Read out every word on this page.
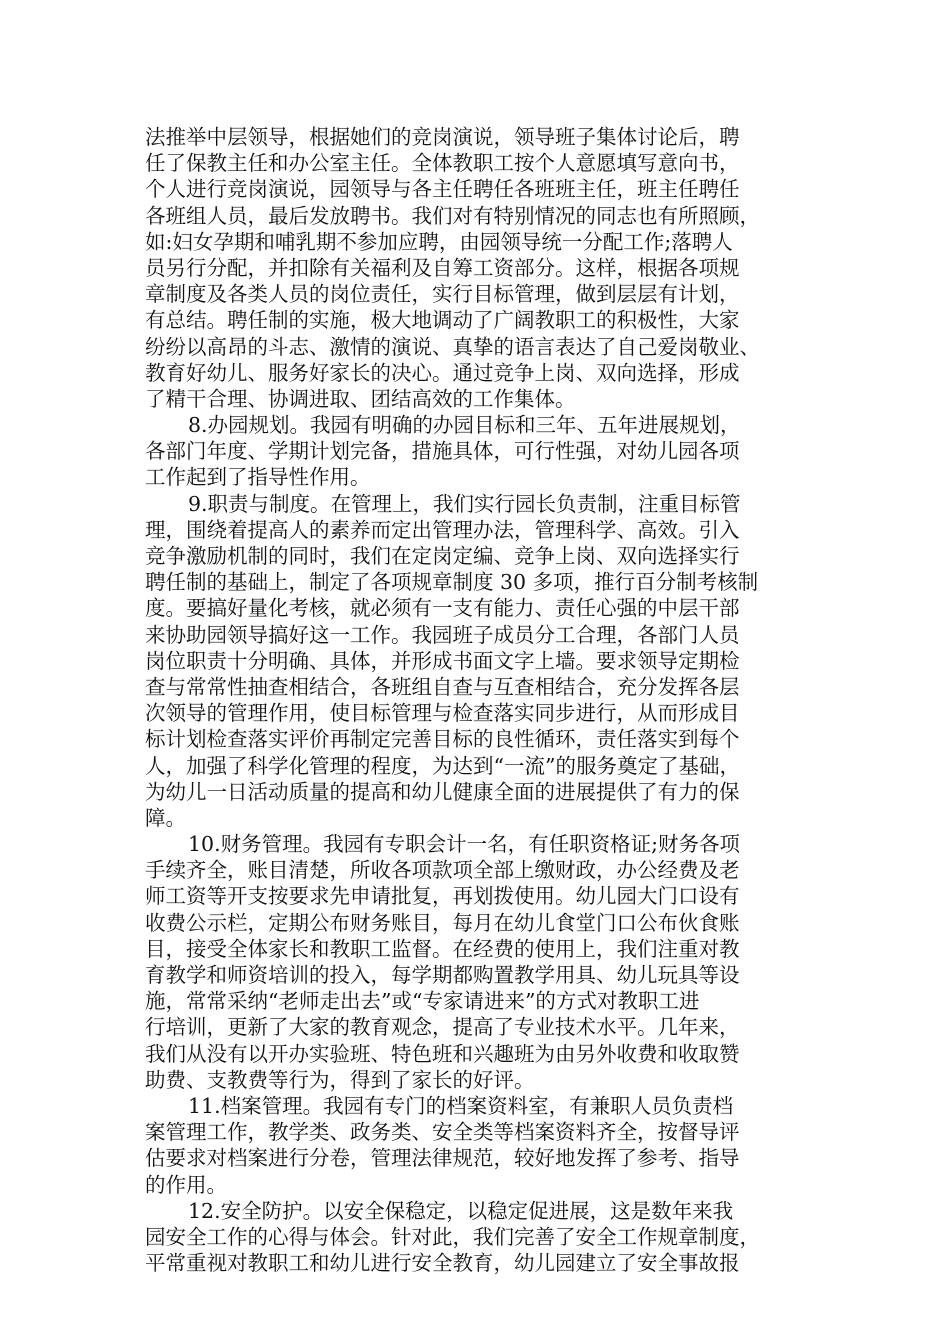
法推举中层领导，根据她们的竞岗演说，领导班子集体讨论后，聘
任了保教主任和办公室主任。全体教职工按个人意愿填写意向书，
个人进行竞岗演说，园领导与各主任聘任各班班主任，班主任聘任
各班组人员，最后发放聘书。我们对有特别情况的同志也有所照顾，
如:妇女孕期和哺乳期不参加应聘，由园领导统一分配工作;落聘人
员另行分配，并扣除有关福利及自筹工资部分。这样，根据各项规
章制度及各类人员的岗位责任，实行目标管理，做到层层有计划，
有总结。聘任制的实施，极大地调动了广阔教职工的积极性，大家
纷纷以高昂的斗志、激情的演说、真挚的语言表达了自己爱岗敬业、
教育好幼儿、服务好家长的决心。通过竞争上岗、双向选择，形成
了精干合理、协调进取、团结高效的工作集体。
8.办园规划。我园有明确的办园目标和三年、五年进展规划，
各部门年度、学期计划完备，措施具体，可行性强，对幼儿园各项
工作起到了指导性作用。
9.职责与制度。在管理上，我们实行园长负责制，注重目标管
理，围绕着提高人的素养而定出管理办法，管理科学、高效。引入
竞争激励机制的同时，我们在定岗定编、竞争上岗、双向选择实行
聘任制的基础上，制定了各项规章制度 30 多项，推行百分制考核制
度。要搞好量化考核，就必须有一支有能力、责任心强的中层干部
来协助园领导搞好这一工作。我园班子成员分工合理，各部门人员
岗位职责十分明确、具体，并形成书面文字上墙。要求领导定期检
查与常常性抽查相结合，各班组自查与互查相结合，充分发挥各层
次领导的管理作用，使目标管理与检查落实同步进行，从而形成目
标计划检查落实评价再制定完善目标的良性循环，责任落实到每个
人，加强了科学化管理的程度，为达到“一流”的服务奠定了基础，
为幼儿一日活动质量的提高和幼儿健康全面的进展提供了有力的保
障。
10.财务管理。我园有专职会计一名，有任职资格证;财务各项
手续齐全，账目清楚，所收各项款项全部上缴财政，办公经费及老
师工资等开支按要求先申请批复，再划拨使用。幼儿园大门口设有
收费公示栏，定期公布财务账目，每月在幼儿食堂门口公布伙食账
目，接受全体家长和教职工监督。在经费的使用上，我们注重对教
育教学和师资培训的投入，每学期都购置教学用具、幼儿玩具等设
施，常常采纳“老师走出去”或“专家请进来”的方式对教职工进
行培训，更新了大家的教育观念，提高了专业技术水平。几年来，
我们从没有以开办实验班、特色班和兴趣班为由另外收费和收取赞
助费、支教费等行为，得到了家长的好评。
11.档案管理。我园有专门的档案资料室，有兼职人员负责档
案管理工作，教学类、政务类、安全类等档案资料齐全，按督导评
估要求对档案进行分卷，管理法律规范，较好地发挥了参考、指导
的作用。
12.安全防护。以安全保稳定，以稳定促进展，这是数年来我
园安全工作的心得与体会。针对此，我们完善了安全工作规章制度，
平常重视对教职工和幼儿进行安全教育，幼儿园建立了安全事故报
